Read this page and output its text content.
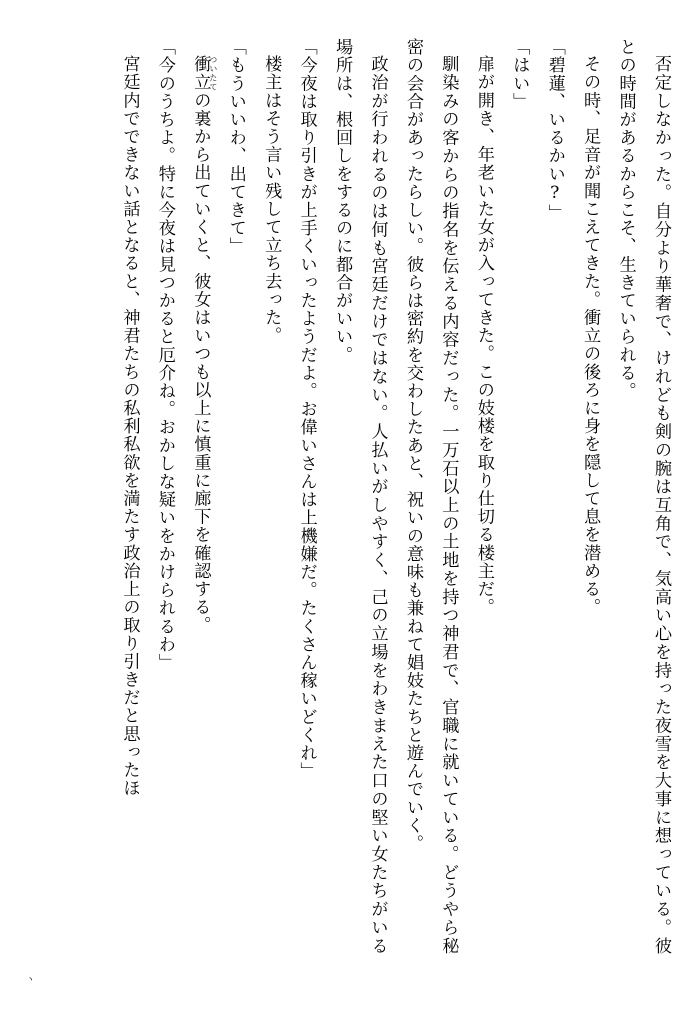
否定しなかった。自分より華奢で、けれども剣の腕は互角で、気高い心を持った夜雪を大事に想っている。彼との時間があるからこそ、生きていられる。

その時、足音が聞こえてきた。衝立の後ろに身を隠して息を潜める。

「碧蓮、いるかい?」

「はい」

扉が開き、年老いた女が入ってきた。この妓楼を取り仕切る楼主だ。

馴染みの客からの指名を伝える内容だった。一万石以上の土地を持つ神君で、官職に就いている。どうやら秘密の会合があったらしい。彼らは密約を交わしたあと、祝いの意味も兼ねて娼妓たちと遊んでいく。

政治が行われるのは何も宮廷だけではない。人払いがしやすく、己の立場をわきまえた口の堅い女たちがいる場所は、根回しをするのに都合がいい。

「今夜は取り引きが上手くいったようだよ。お偉いさんは上機嫌だ。たくさん稼いどくれ」

楼主はそう言い残して立ち去った。

「もういいわ、出てきて」

衝立ついたての裏から出ていくと、彼女はいつも以上に慎重に廊下を確認する。

「今のうちよ。特に今夜は見つかると厄介ね。おかしな疑いをかけられるわ」

宮廷内でできない話となると、神君たちの私利私欲を満たす政治上の取り引きだと思ったほ

ヽ
